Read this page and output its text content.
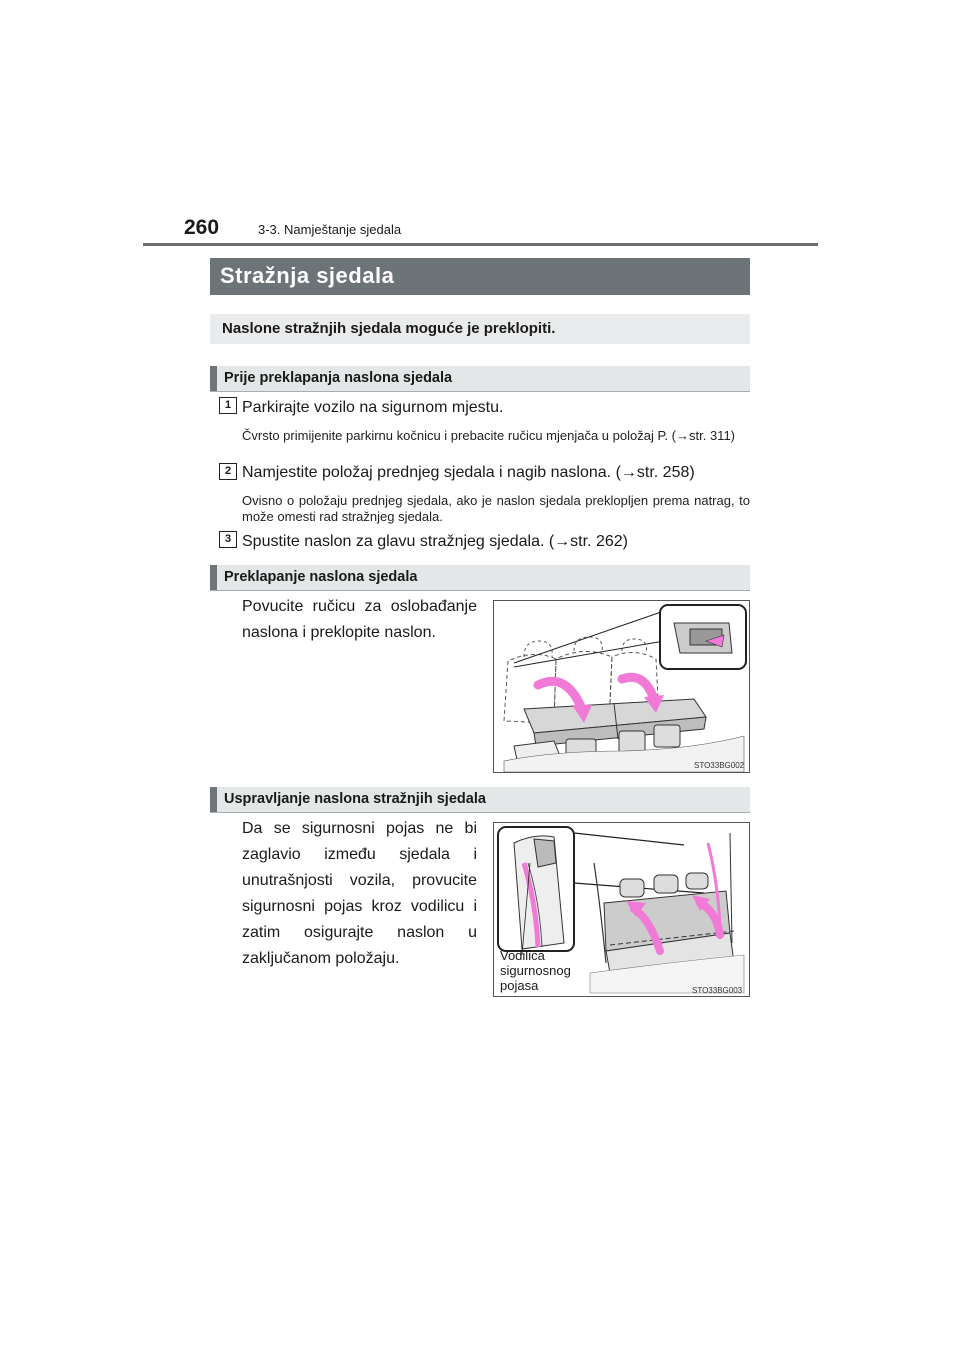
260	3-3. Namještanje sjedala
Stražnja sjedala
Naslone stražnjih sjedala moguće je preklopiti.
Prije preklapanja naslona sjedala
1 Parkirajte vozilo na sigurnom mjestu.
Čvrsto primijenite parkirnu kočnicu i prebacite ručicu mjenjača u položaj P. (→str. 311)
2 Namjestite položaj prednjeg sjedala i nagib naslona. (→str. 258)
Ovisno o položaju prednjeg sjedala, ako je naslon sjedala preklopljen prema natrag, to može omesti rad stražnjeg sjedala.
3 Spustite naslon za glavu stražnjeg sjedala. (→str. 262)
Preklapanje naslona sjedala
Povucite ručicu za oslobađanje naslona i preklopite naslon.
STO33BG002
Uspravljanje naslona stražnjih sjedala
Da se sigurnosni pojas ne bi zaglavio između sjedala i unutrašnjosti vozila, provucite sigurnosni pojas kroz vodilicu i zatim osigurajte naslon u zaključanom položaju.
STO33BG003
Vodilica sigurnosnog pojasa
